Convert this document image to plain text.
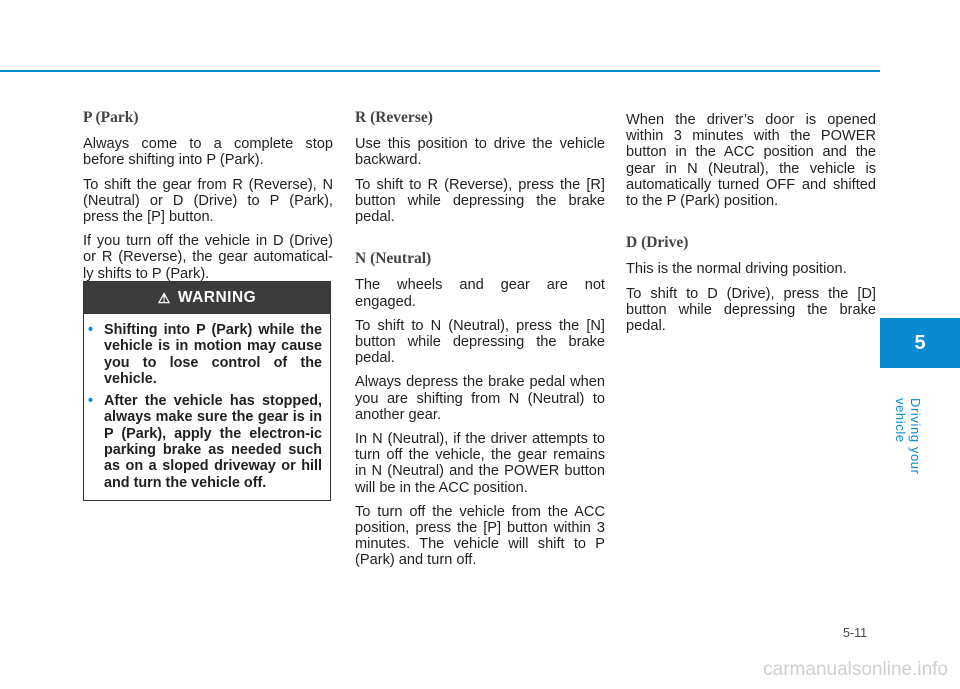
P (Park)

Always come to a complete stop before shifting into P (Park).

To shift the gear from R (Reverse), N (Neutral) or D (Drive) to P (Park), press the [P] button.

If you turn off the vehicle in D (Drive) or R (Reverse), the gear automatical-ly shifts to P (Park).

⚠ WARNING
• Shifting into P (Park) while the vehicle is in motion may cause you to lose control of the vehicle.
• After the vehicle has stopped, always make sure the gear is in P (Park), apply the electron-ic parking brake as needed such as on a sloped driveway or hill and turn the vehicle off.
R (Reverse)

Use this position to drive the vehicle backward.

To shift to R (Reverse), press the [R] button while depressing the brake pedal.

N (Neutral)

The wheels and gear are not engaged.

To shift to N (Neutral), press the [N] button while depressing the brake pedal.

Always depress the brake pedal when you are shifting from N (Neutral) to another gear.

In N (Neutral), if the driver attempts to turn off the vehicle, the gear remains in N (Neutral) and the POWER button will be in the ACC position.

To turn off the vehicle from the ACC position, press the [P] button within 3 minutes. The vehicle will shift to P (Park) and turn off.

When the driver’s door is opened within 3 minutes with the POWER button in the ACC position and the gear in N (Neutral), the vehicle is automatically turned OFF and shifted to the P (Park) position.

D (Drive)

This is the normal driving position.

To shift to D (Drive), press the [D] button while depressing the brake pedal.

5
Driving your vehicle
5-11
carmanualsonline.info
